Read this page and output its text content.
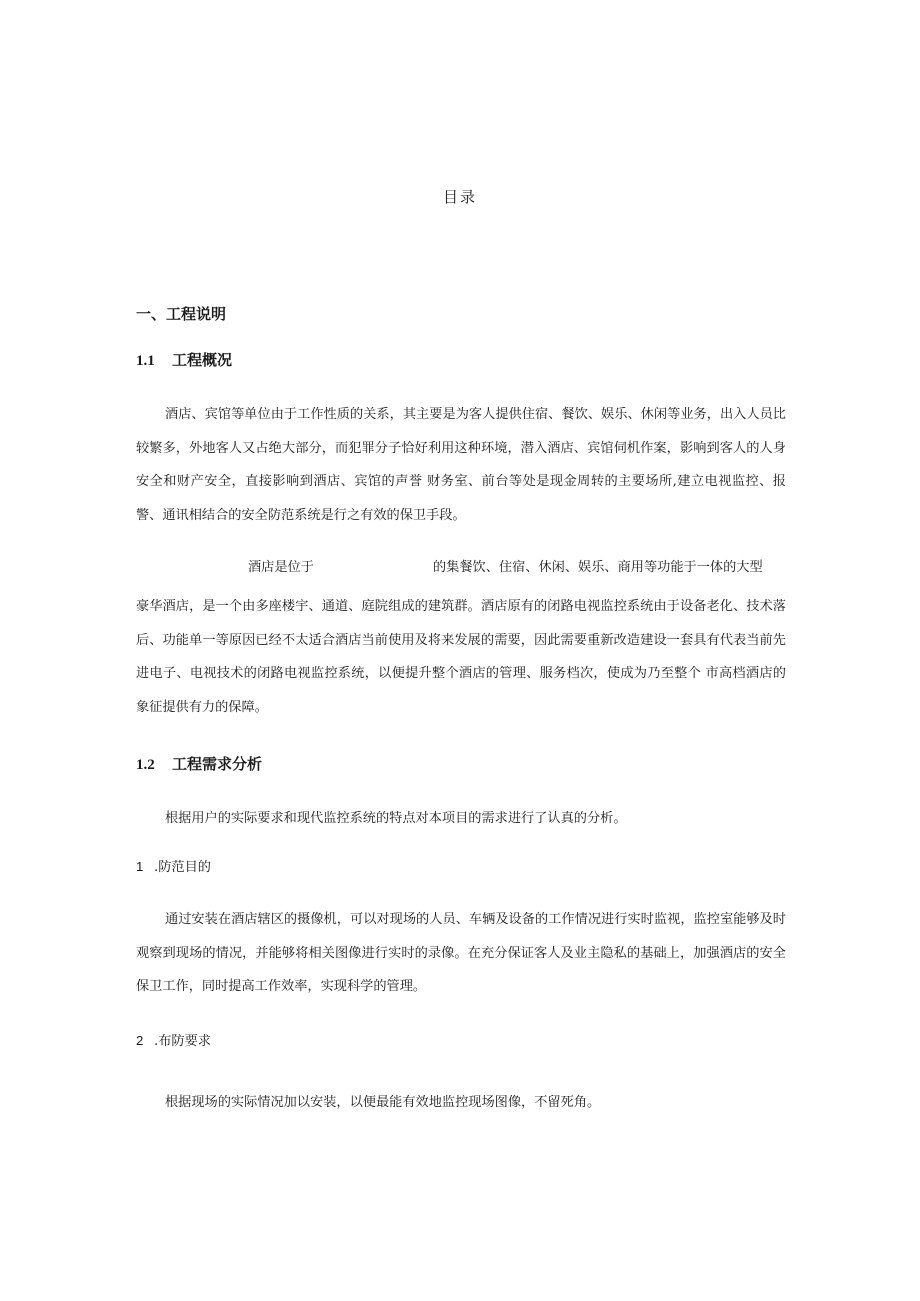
目录
一、工程说明
1.1 工程概况

酒店、宾馆等单位由于工作性质的关系，其主要是为客人提供住宿、餐饮、娱乐、休闲等业务，出入人员比较繁多，外地客人又占绝大部分，而犯罪分子恰好利用这种环境，潜入酒店、宾馆伺机作案，影响到客人的人身安全和财产安全，直接影响到酒店、宾馆的声誉 财务室、前台等处是现金周转的主要场所,建立电视监控、报警、通讯相结合的安全防范系统是行之有效的保卫手段。

酒店是位于	的集餐饮、住宿、休闲、娱乐、商用等功能于一体的大型

豪华酒店，是一个由多座楼宇、通道、庭院组成的建筑群。酒店原有的闭路电视监控系统由于设备老化、技术落后、功能单一等原因已经不太适合酒店当前使用及将来发展的需要，因此需要重新改造建设一套具有代表当前先进电子、电视技术的闭路电视监控系统，以便提升整个酒店的管理、服务档次，使成为乃至整个 市高档酒店的象征提供有力的保障。

1.2 工程需求分析

根据用户的实际要求和现代监控系统的特点对本项目的需求进行了认真的分析。

1 .防范目的

通过安装在酒店辖区的摄像机，可以对现场的人员、车辆及设备的工作情况进行实时监视，监控室能够及时观察到现场的情况，并能够将相关图像进行实时的录像。在充分保证客人及业主隐私的基础上，加强酒店的安全保卫工作，同时提高工作效率，实现科学的管理。

2 .布防要求

根据现场的实际情况加以安装，以便最能有效地监控现场图像，不留死角。
